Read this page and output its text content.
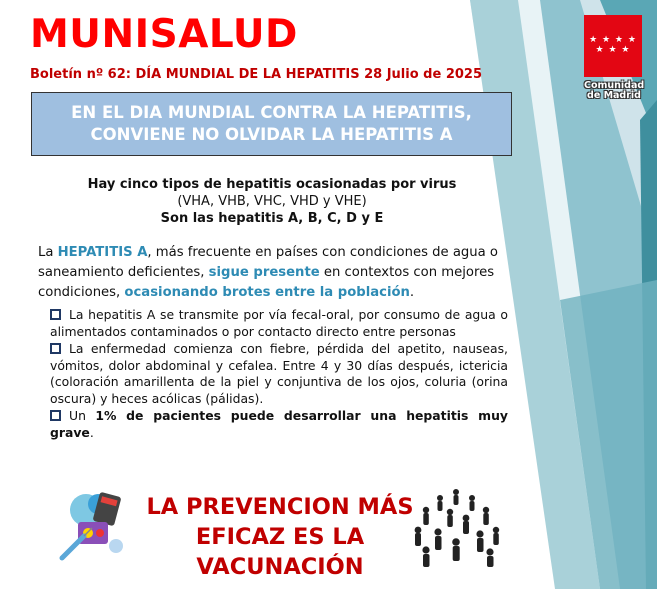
★ ★ ★ ★
★ ★ ★
Comunidad
de Madrid
MUNISALUD
Boletín nº 62: DÍA MUNDIAL DE LA HEPATITIS 28 Julio de 2025
EN EL DIA MUNDIAL CONTRA LA HEPATITIS,
CONVIENE NO OLVIDAR LA HEPATITIS A
Hay cinco tipos de hepatitis ocasionadas por virus
(VHA, VHB, VHC, VHD y VHE)
Son las hepatitis A, B, C, D y E
La HEPATITIS A, más frecuente en países con condiciones de agua o saneamiento deficientes, sigue presente en contextos con mejores condiciones, ocasionando brotes entre la población.
La hepatitis A se transmite por vía fecal-oral, por consumo de agua o alimentados contaminados o por contacto directo entre personas
La enfermedad comienza con fiebre, pérdida del apetito, nauseas, vómitos, dolor abdominal y cefalea. Entre 4 y 30 días después, ictericia (coloración amarillenta de la piel y conjuntiva de los ojos, coluria (orina oscura) y heces acólicas (pálidas).
Un 1% de pacientes puede desarrollar una hepatitis muy grave.
LA PREVENCION MÁS
EFICAZ ES LA
VACUNACIÓN
